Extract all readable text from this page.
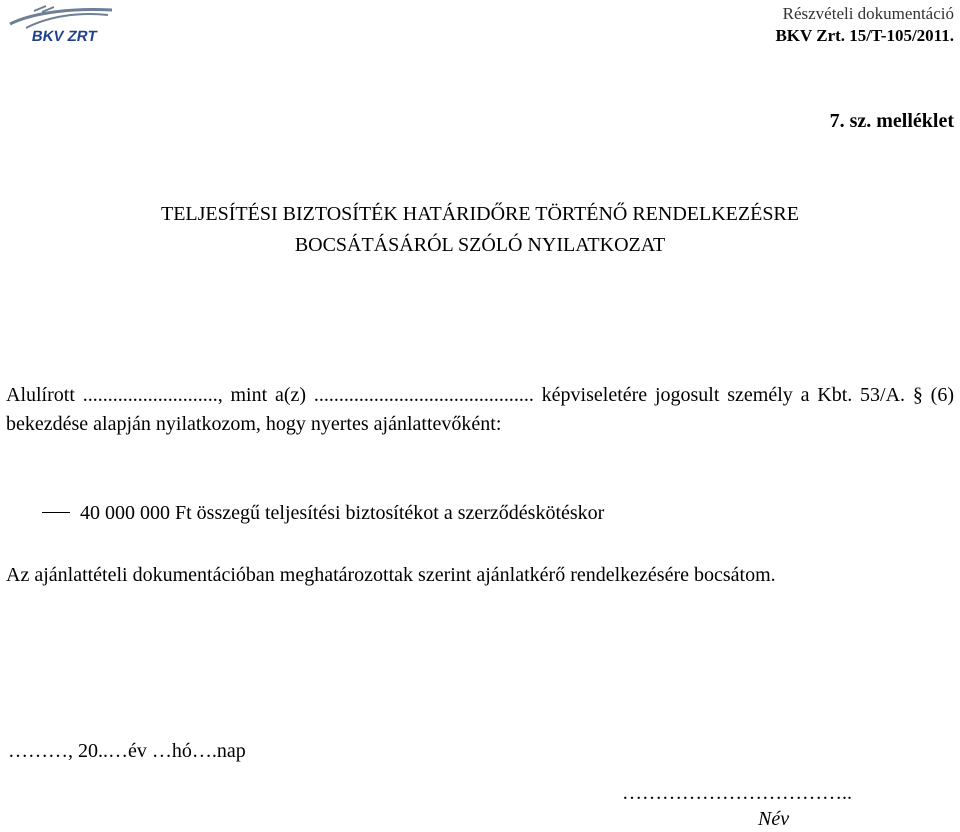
BKV ZRT
Részvételi dokumentáció
BKV Zrt. 15/T-105/2011.
7. sz. melléklet
TELJESÍTÉSI BIZTOSÍTÉK HATÁRIDŐRE TÖRTÉNŐ RENDELKEZÉSRE
BOCSÁTÁSÁRÓL SZÓLÓ NYILATKOZAT
Alulírott ..........................., mint a(z) ............................................ képviseletére jogosult személy a Kbt. 53/A. § (6) bekezdése alapján nyilatkozom, hogy nyertes ajánlattevőként:
40 000 000 Ft összegű teljesítési biztosítékot a szerződéskötéskor
Az ajánlattételi dokumentációban meghatározottak szerint ajánlatkérő rendelkezésére bocsátom.
………, 20..…év …hó….nap
……………………………..
Név
